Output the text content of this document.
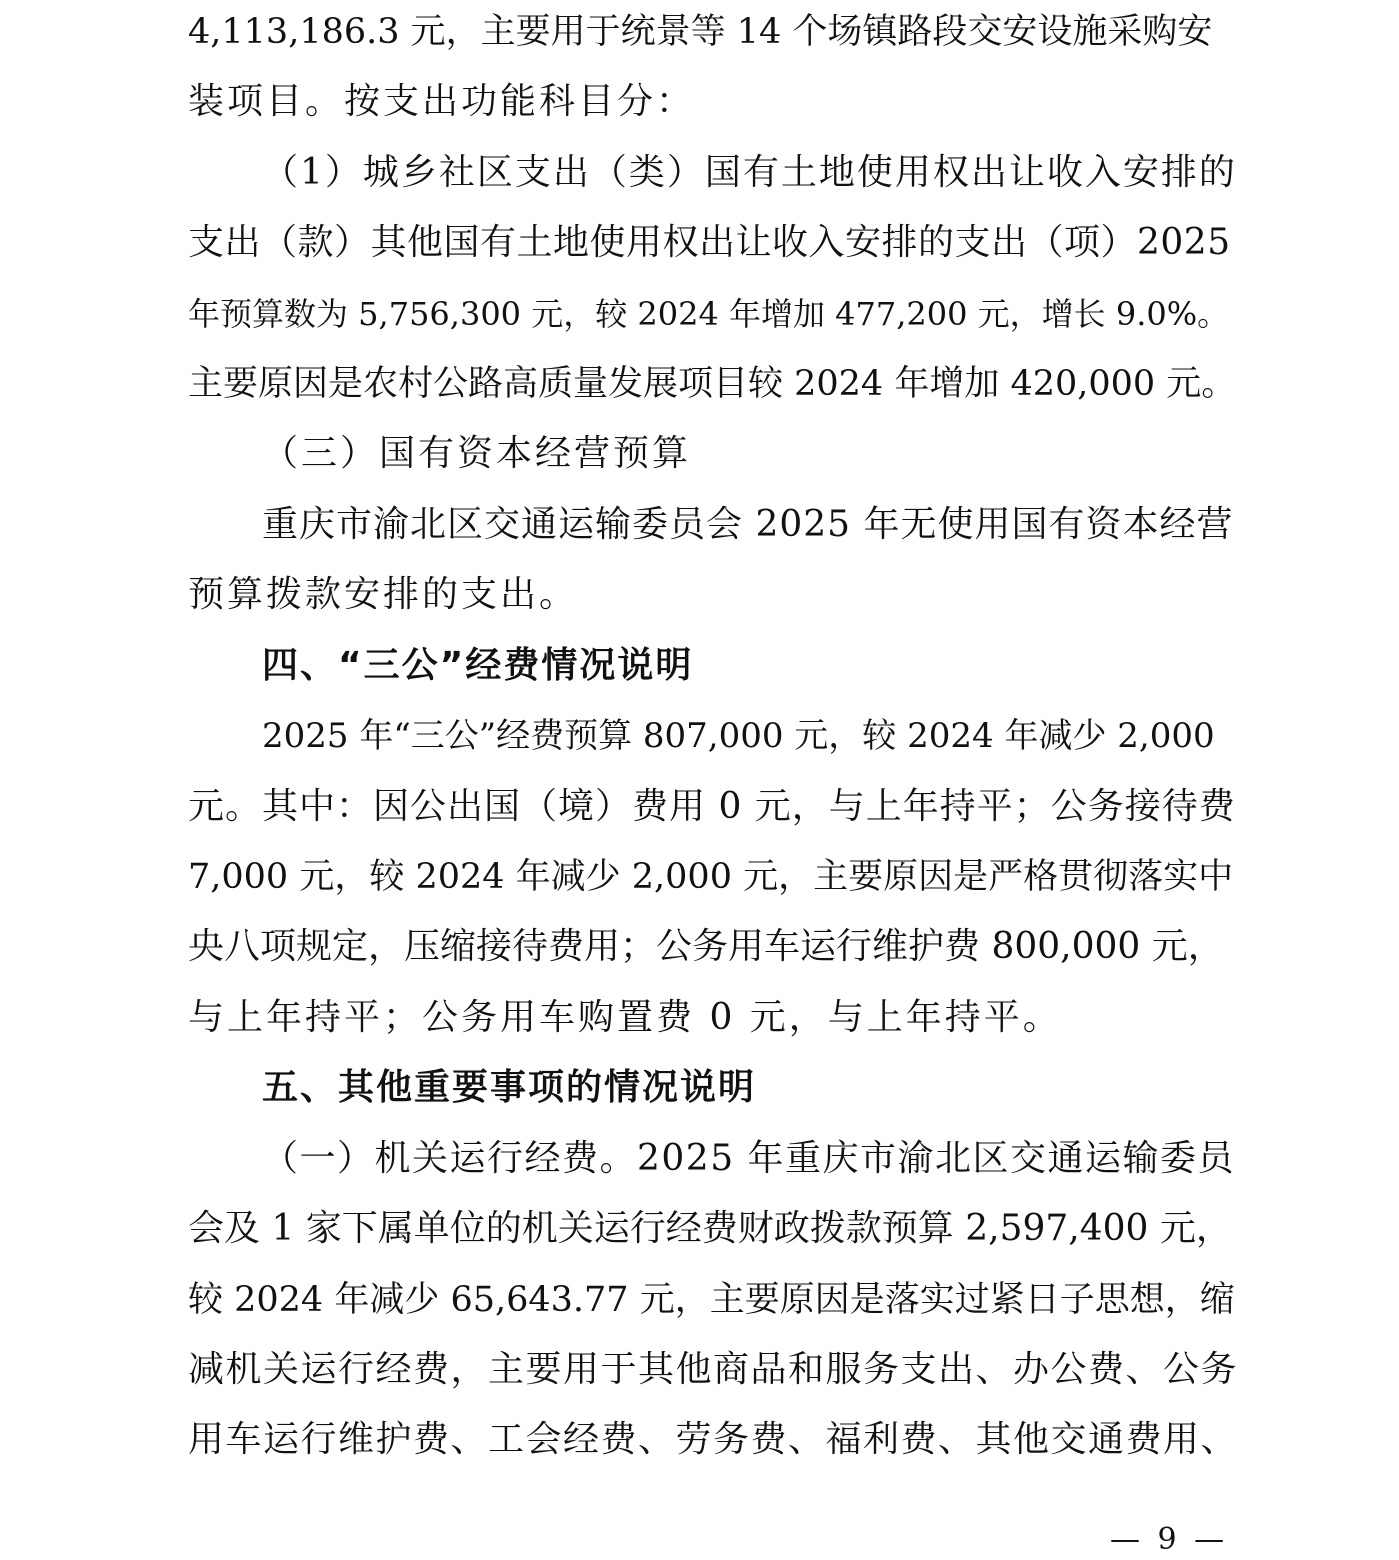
4,113,186.3 元，主要用于统景等 14 个场镇路段交安设施采购安
装项目。按支出功能科目分：
（1）城乡社区支出（类）国有土地使用权出让收入安排的
支出（款）其他国有土地使用权出让收入安排的支出（项）2025
年预算数为 5,756,300 元，较 2024 年增加 477,200 元，增长 9.0%。
主要原因是农村公路高质量发展项目较 2024 年增加 420,000 元。
（三）国有资本经营预算
重庆市渝北区交通运输委员会 2025 年无使用国有资本经营
预算拨款安排的支出。
四、“三公”经费情况说明
2025 年“三公”经费预算 807,000 元，较 2024 年减少 2,000
元。其中：因公出国（境）费用 0 元，与上年持平；公务接待费
7,000 元，较 2024 年减少 2,000 元，主要原因是严格贯彻落实中
央八项规定，压缩接待费用；公务用车运行维护费 800,000 元，
与上年持平；公务用车购置费 0 元，与上年持平。
五、其他重要事项的情况说明
（一）机关运行经费。2025 年重庆市渝北区交通运输委员
会及 1 家下属单位的机关运行经费财政拨款预算 2,597,400 元，
较 2024 年减少 65,643.77 元，主要原因是落实过紧日子思想，缩
减机关运行经费，主要用于其他商品和服务支出、办公费、公务
用车运行维护费、工会经费、劳务费、福利费、其他交通费用、
— 9 —
